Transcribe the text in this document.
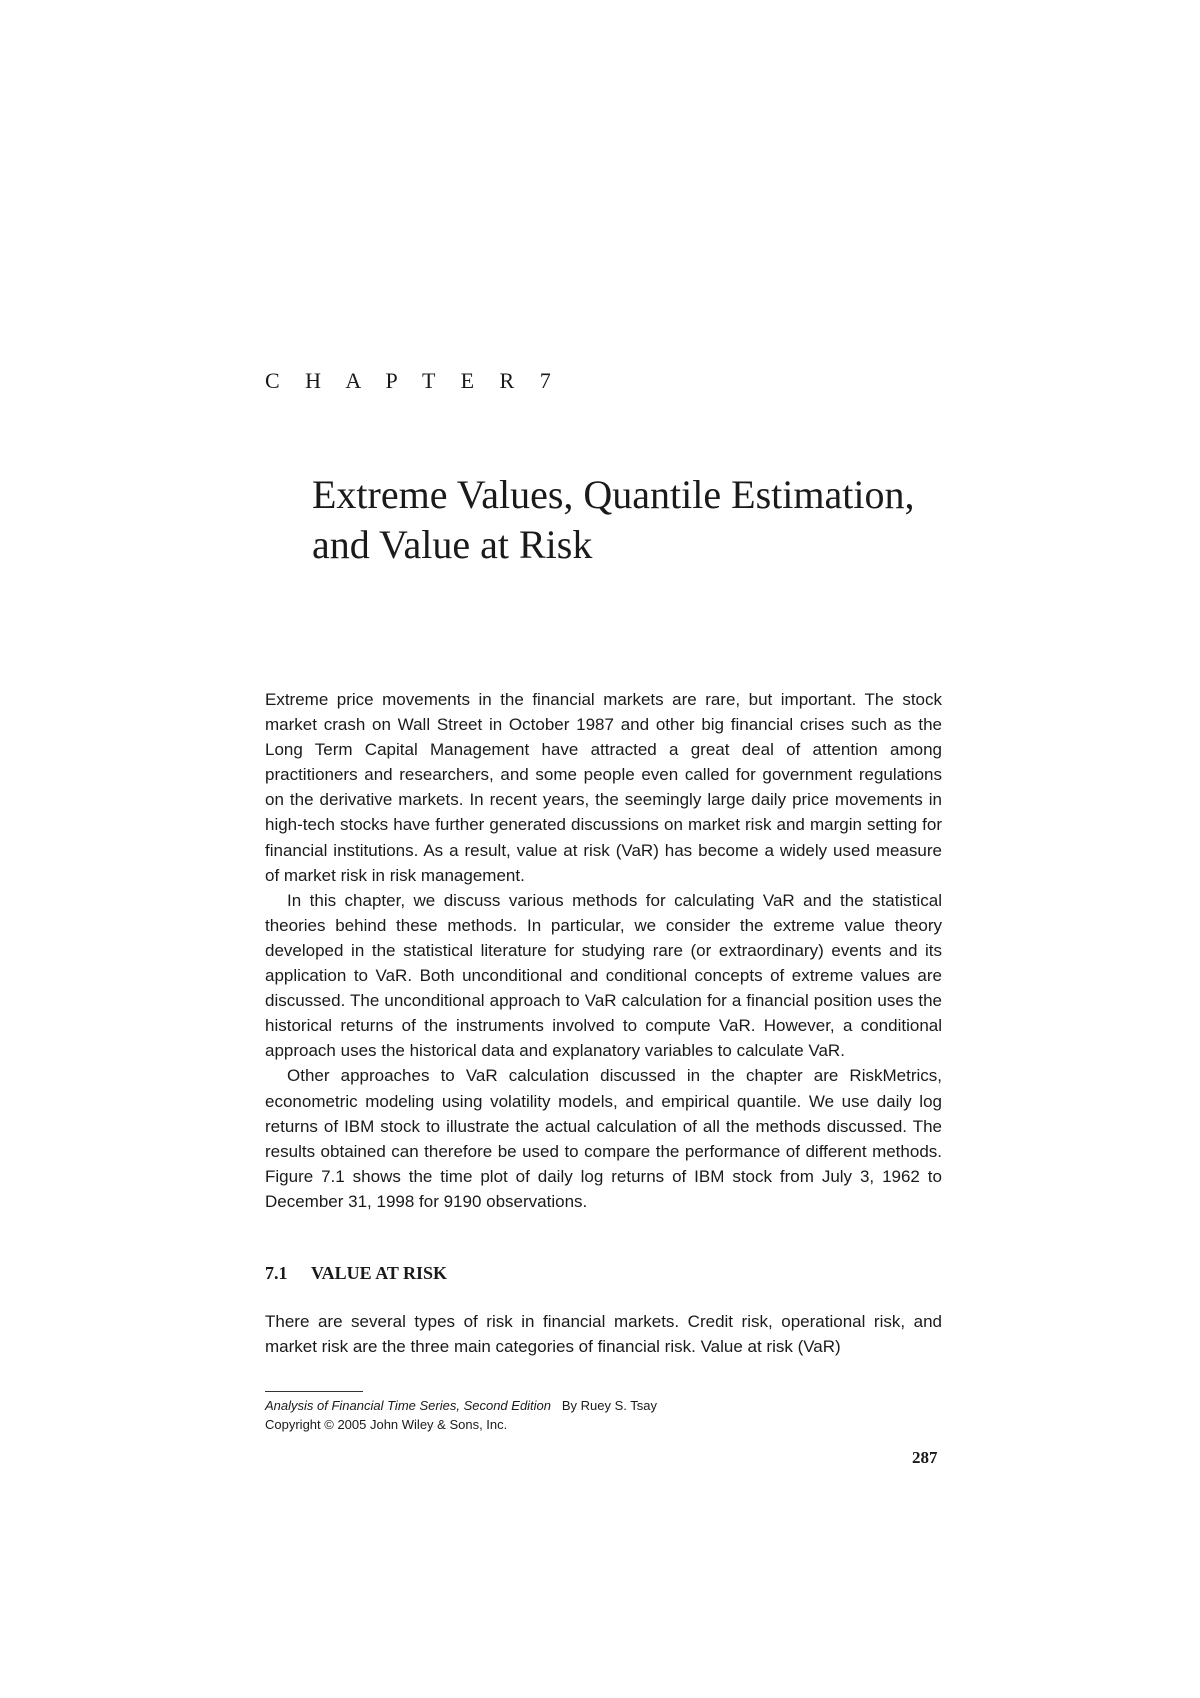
C H A P T E R 7
Extreme Values, Quantile Estimation,
and Value at Risk

Extreme price movements in the financial markets are rare, but important. The stock market crash on Wall Street in October 1987 and other big financial crises such as the Long Term Capital Management have attracted a great deal of attention among practitioners and researchers, and some people even called for government regulations on the derivative markets. In recent years, the seemingly large daily price movements in high-tech stocks have further generated discussions on market risk and margin setting for financial institutions. As a result, value at risk (VaR) has become a widely used measure of market risk in risk management.

In this chapter, we discuss various methods for calculating VaR and the statistical theories behind these methods. In particular, we consider the extreme value theory developed in the statistical literature for studying rare (or extraordinary) events and its application to VaR. Both unconditional and conditional concepts of extreme values are discussed. The unconditional approach to VaR calculation for a financial position uses the historical returns of the instruments involved to compute VaR. However, a conditional approach uses the historical data and explanatory variables to calculate VaR.

Other approaches to VaR calculation discussed in the chapter are RiskMetrics, econometric modeling using volatility models, and empirical quantile. We use daily log returns of IBM stock to illustrate the actual calculation of all the methods discussed. The results obtained can therefore be used to compare the performance of different methods. Figure 7.1 shows the time plot of daily log returns of IBM stock from July 3, 1962 to December 31, 1998 for 9190 observations.

7.1 VALUE AT RISK

There are several types of risk in financial markets. Credit risk, operational risk, and market risk are the three main categories of financial risk. Value at risk (VaR)

Analysis of Financial Time Series, Second Edition By Ruey S. Tsay
Copyright © 2005 John Wiley & Sons, Inc.
287
